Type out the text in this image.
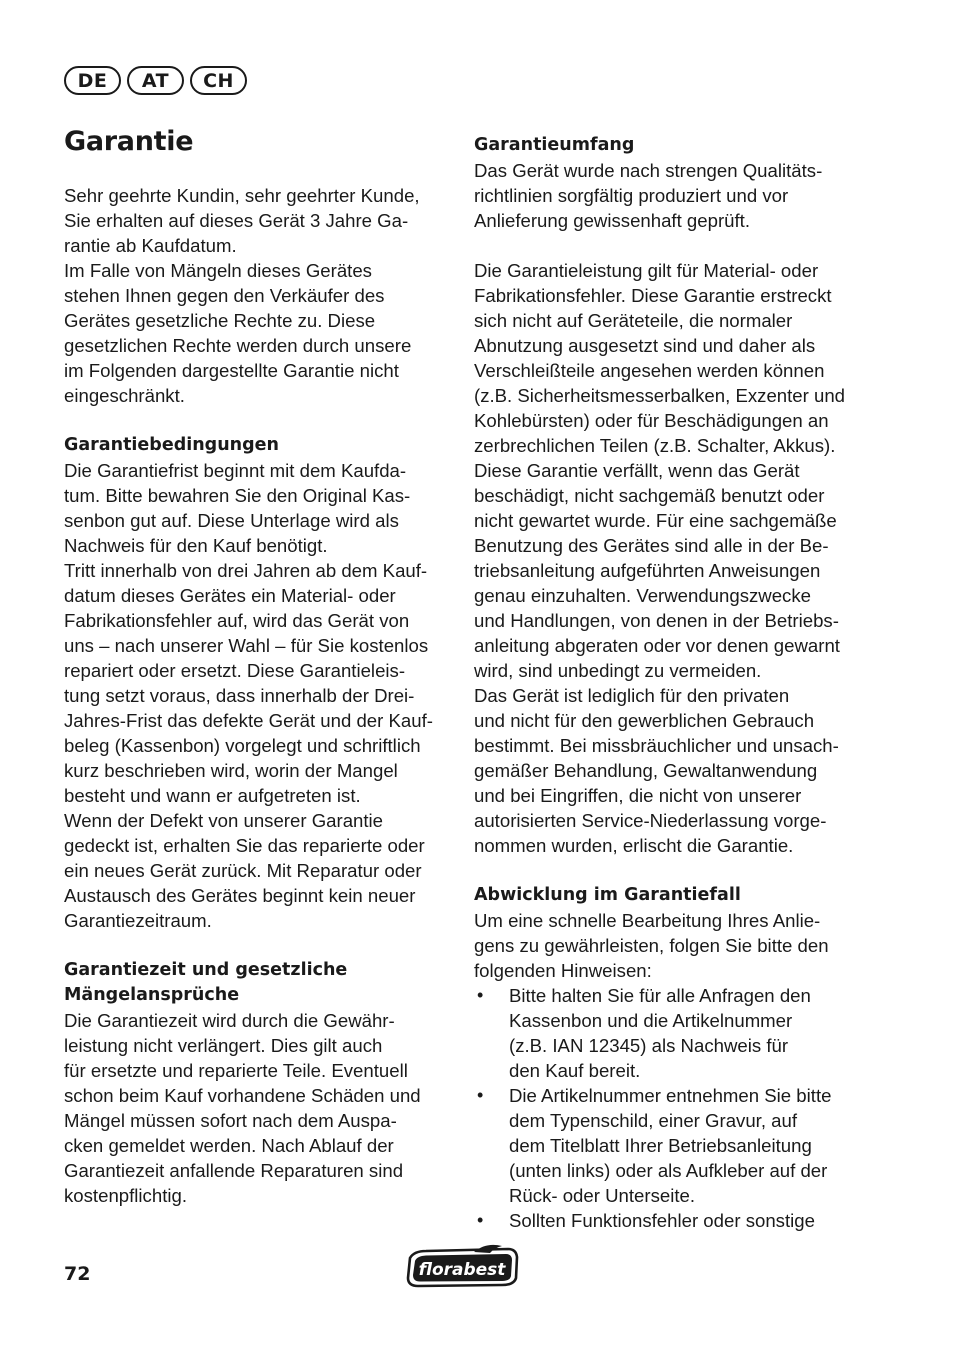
DE	AT	CH
Garantie
Sehr geehrte Kundin, sehr geehrter Kunde,
Sie erhalten auf dieses Gerät 3 Jahre Ga-
rantie ab Kaufdatum.
Im Falle von Mängeln dieses Gerätes
stehen Ihnen gegen den Verkäufer des
Gerätes gesetzliche Rechte zu. Diese
gesetzlichen Rechte werden durch unsere
im Folgenden dargestellte Garantie nicht
eingeschränkt.
Garantiebedingungen
Die Garantiefrist beginnt mit dem Kaufda-
tum. Bitte bewahren Sie den Original Kas-
senbon gut auf. Diese Unterlage wird als
Nachweis für den Kauf benötigt.
Tritt innerhalb von drei Jahren ab dem Kauf-
datum dieses Gerätes ein Material- oder
Fabrikationsfehler auf, wird das Gerät von
uns – nach unserer Wahl – für Sie kostenlos
repariert oder ersetzt. Diese Garantieleis-
tung setzt voraus, dass innerhalb der Drei-
Jahres-Frist das defekte Gerät und der Kauf-
beleg (Kassenbon) vorgelegt und schriftlich
kurz beschrieben wird, worin der Mangel
besteht und wann er aufgetreten ist.
Wenn der Defekt von unserer Garantie
gedeckt ist, erhalten Sie das reparierte oder
ein neues Gerät zurück. Mit Reparatur oder
Austausch des Gerätes beginnt kein neuer
Garantiezeitraum.
Garantiezeit und gesetzliche
Mängelansprüche
Die Garantiezeit wird durch die Gewähr-
leistung nicht verlängert. Dies gilt auch
für ersetzte und reparierte Teile. Eventuell
schon beim Kauf vorhandene Schäden und
Mängel müssen sofort nach dem Auspa-
cken gemeldet werden. Nach Ablauf der
Garantiezeit anfallende Reparaturen sind
kostenpflichtig.
Garantieumfang
Das Gerät wurde nach strengen Qualitäts-
richtlinien sorgfältig produziert und vor
Anlieferung gewissenhaft geprüft.
Die Garantieleistung gilt für Material- oder
Fabrikationsfehler. Diese Garantie erstreckt
sich nicht auf Geräteteile, die normaler
Abnutzung ausgesetzt sind und daher als
Verschleißteile angesehen werden können
(z.B. Sicherheitsmesserbalken, Exzenter und
Kohlebürsten) oder für Beschädigungen an
zerbrechlichen Teilen (z.B. Schalter, Akkus).
Diese Garantie verfällt, wenn das Gerät
beschädigt, nicht sachgemäß benutzt oder
nicht gewartet wurde. Für eine sachgemäße
Benutzung des Gerätes sind alle in der Be-
triebsanleitung aufgeführten Anweisungen
genau einzuhalten. Verwendungszwecke
und Handlungen, von denen in der Betriebs-
anleitung abgeraten oder vor denen gewarnt
wird, sind unbedingt zu vermeiden.
Das Gerät ist lediglich für den privaten
und nicht für den gewerblichen Gebrauch
bestimmt. Bei missbräuchlicher und unsach-
gemäßer Behandlung, Gewaltanwendung
und bei Eingriffen, die nicht von unserer
autorisierten Service-Niederlassung vorge-
nommen wurden, erlischt die Garantie.
Abwicklung im Garantiefall
Um eine schnelle Bearbeitung Ihres Anlie-
gens zu gewährleisten, folgen Sie bitte den
folgenden Hinweisen:
•	Bitte halten Sie für alle Anfragen den
Kassenbon und die Artikelnummer
(z.B. IAN 12345) als Nachweis für
den Kauf bereit.
•	Die Artikelnummer entnehmen Sie bitte
dem Typenschild, einer Gravur, auf
dem Titelblatt Ihrer Betriebsanleitung
(unten links) oder als Aufkleber auf der
Rück- oder Unterseite.
•	Sollten Funktionsfehler oder sonstige
72	florabest
